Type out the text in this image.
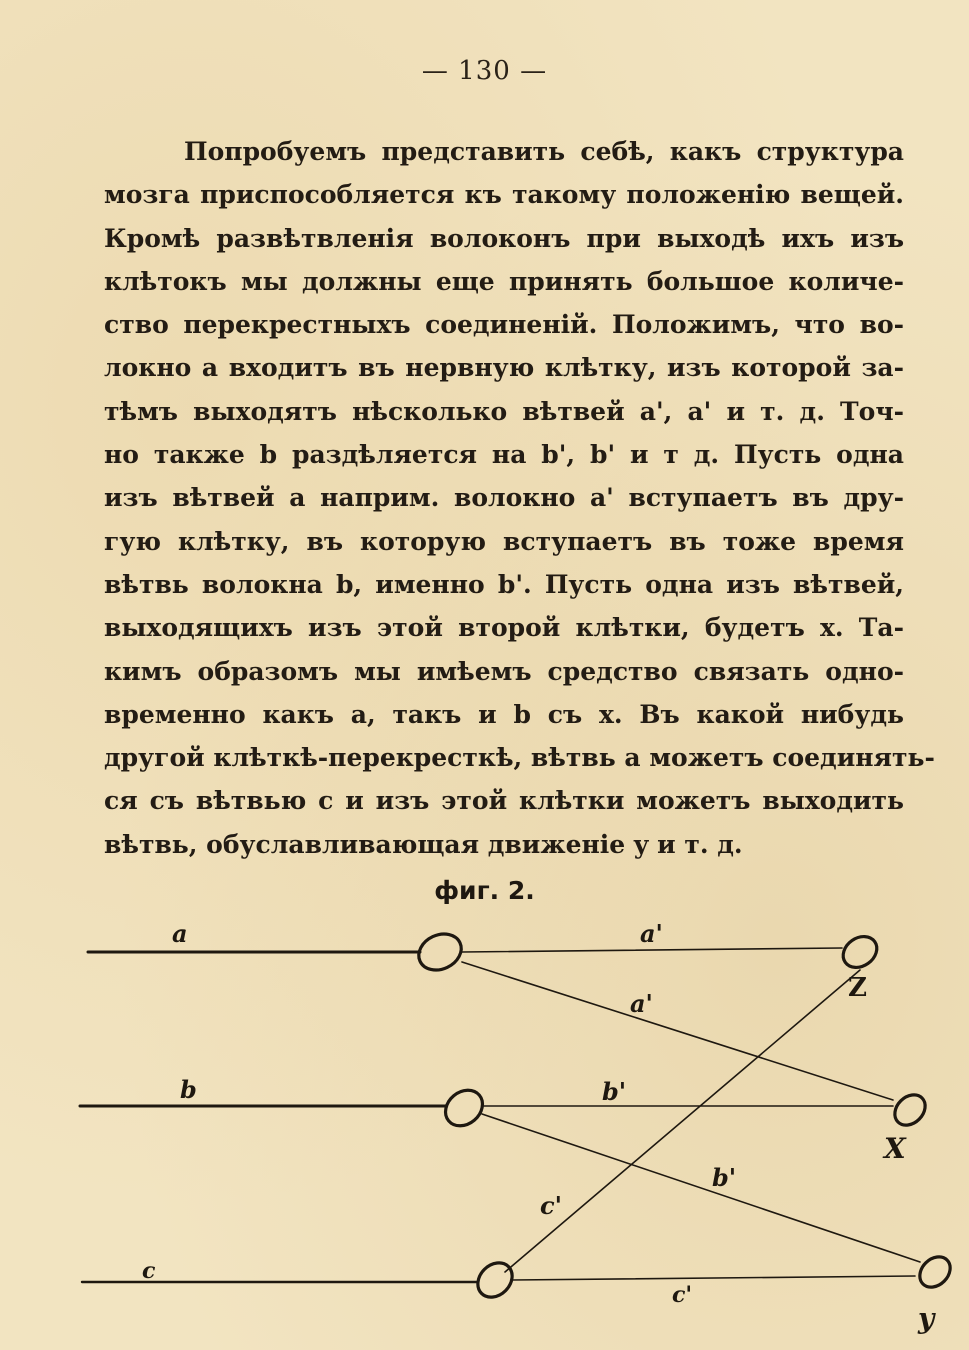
— 130 —
Попробуемъ представить себѣ, какъ структура
мозга приспособляется къ такому положенію вещей.
Кромѣ развѣтвленія волоконъ при выходѣ ихъ изъ
клѣтокъ мы должны еще принять большое количе-
ство перекрестныхъ соединеній. Положимъ, что во-
локно a входитъ въ нервную клѣтку, изъ которой за-
тѣмъ выходятъ нѣсколько вѣтвей a', a' и т. д. Точ-
но также b раздѣляется на b', b' и т д. Пусть одна
изъ вѣтвей a наприм. волокно a' вступаетъ въ дру-
гую клѣтку, въ которую вступаетъ въ тоже время
вѣтвь волокна b, именно b'. Пусть одна изъ вѣтвей,
выходящихъ изъ этой второй клѣтки, будетъ x. Та-
кимъ образомъ мы имѣемъ средство связать одно-
временно какъ a, такъ и b съ x. Въ какой нибудь
другой клѣткѣ-перекресткѣ, вѣтвь a можетъ соединять-
ся съ вѣтвью c и изъ этой клѣтки можетъ выходить
вѣтвь, обуславливающая движеніе y и т. д.
фиг. 2.
a	a'
a'
Z
b	b'
X
b'
c'
c
c'
y
